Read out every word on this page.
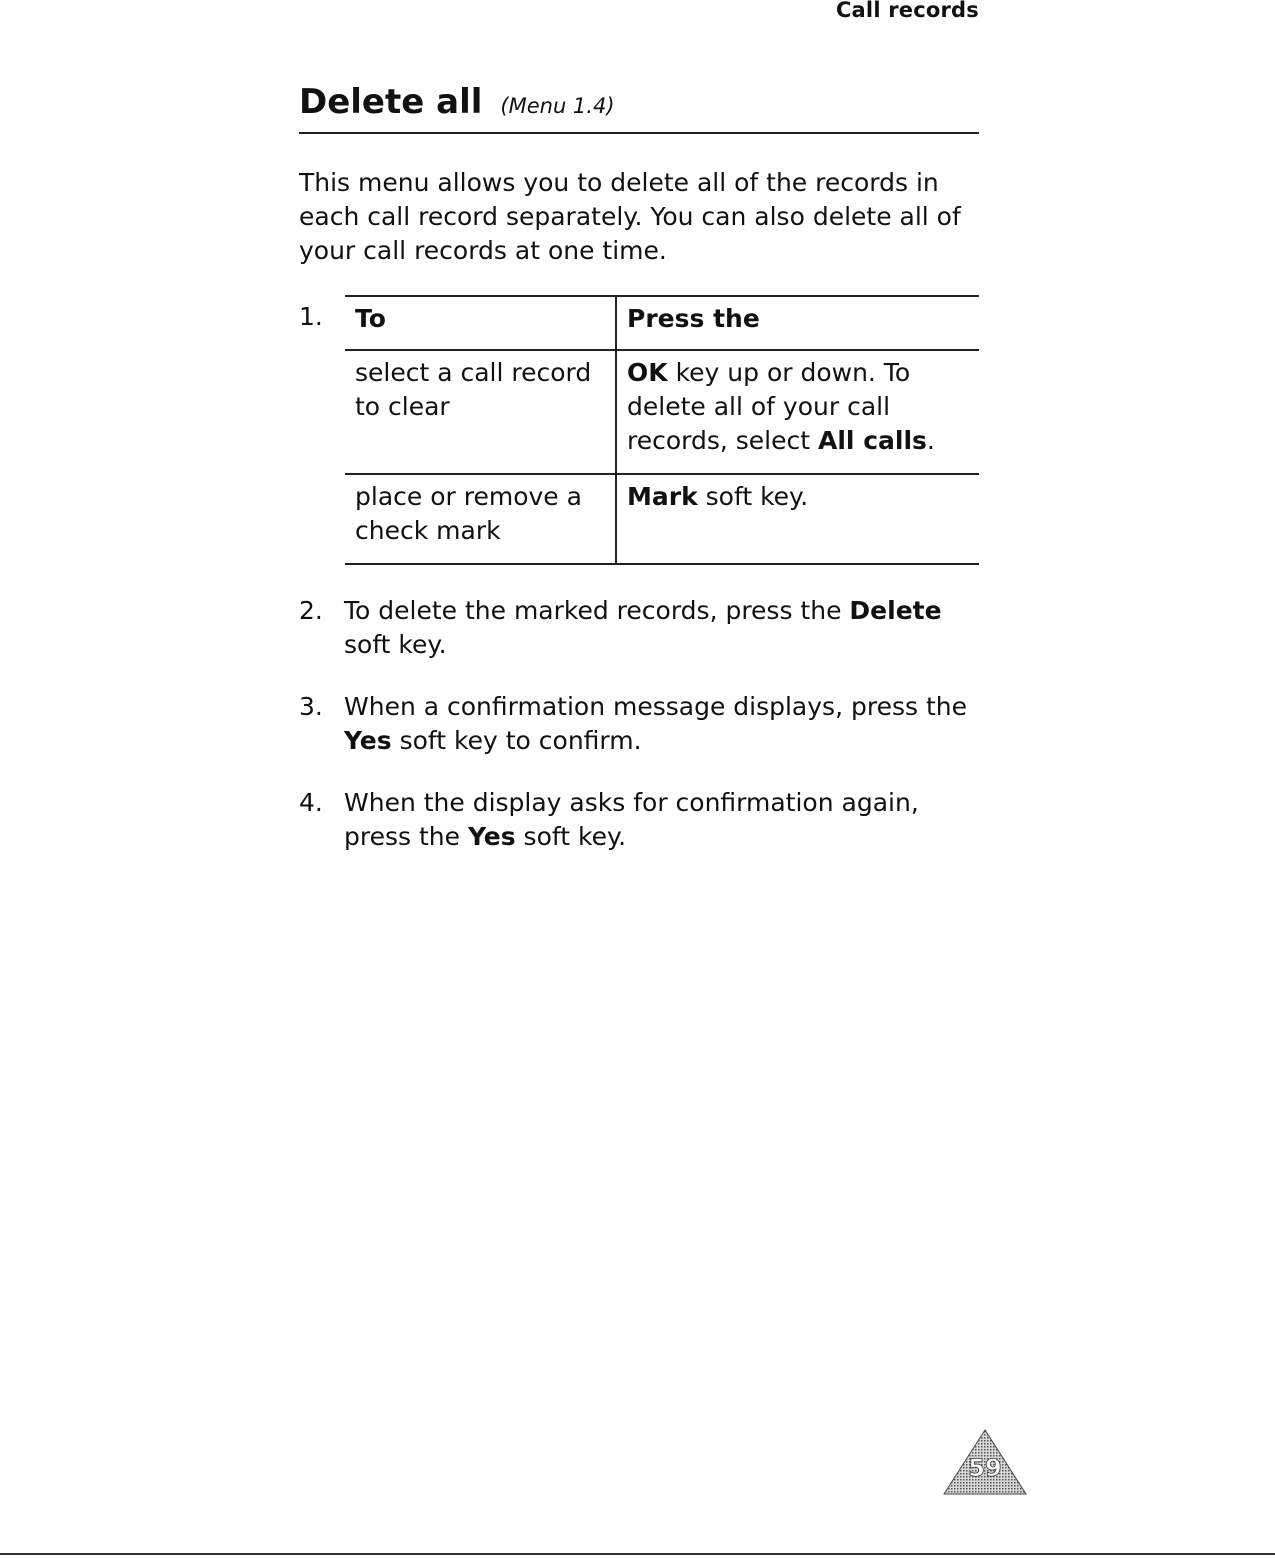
Call records
Delete all (Menu 1.4)

This menu allows you to delete all of the records in each call record separately. You can also delete all of your call records at one time.

1. To	Press the
select a call record to clear	OK key up or down. To delete all of your call records, select All calls.
place or remove a check mark	Mark soft key.
2. To delete the marked records, press the Delete soft key.
3. When a confirmation message displays, press the Yes soft key to confirm.
4. When the display asks for confirmation again, press the Yes soft key.
59
